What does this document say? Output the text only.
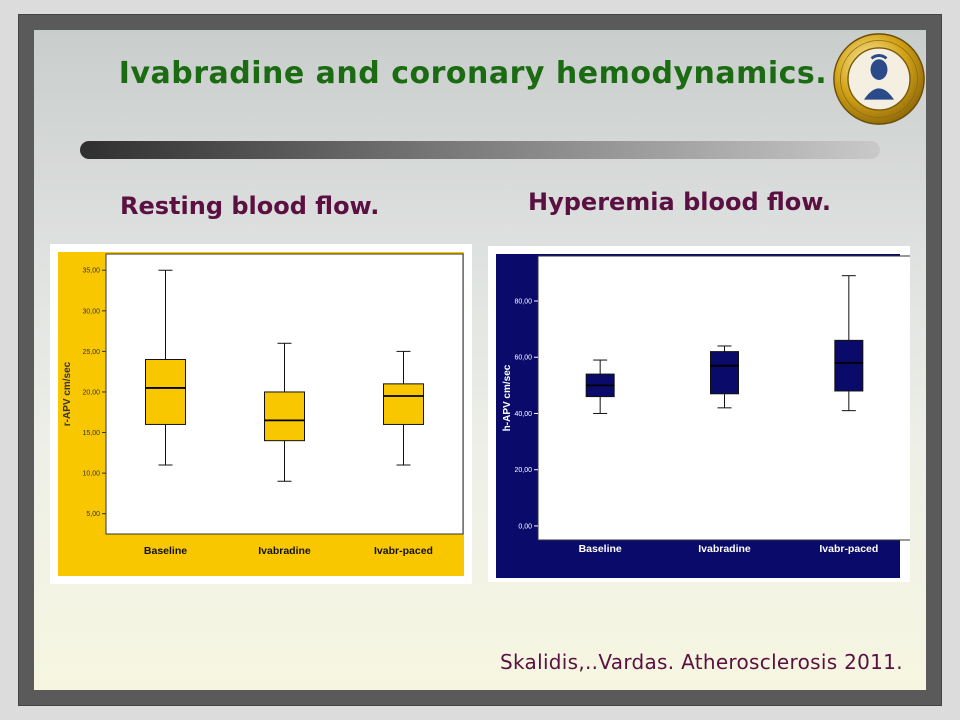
Ivabradine and coronary hemodynamics.
Resting blood flow.	Hyperemia blood flow.
5,00
10,00
15,00
20,00
25,00
30,00
35,00
r-APV cm/sec
Baseline	Ivabradine	Ivabr-paced
0,00
20,00
40,00
60,00
80,00
h-APV cm/sec
Baseline	Ivabradine	Ivabr-paced
Skalidis,..Vardas. Atherosclerosis 2011.
